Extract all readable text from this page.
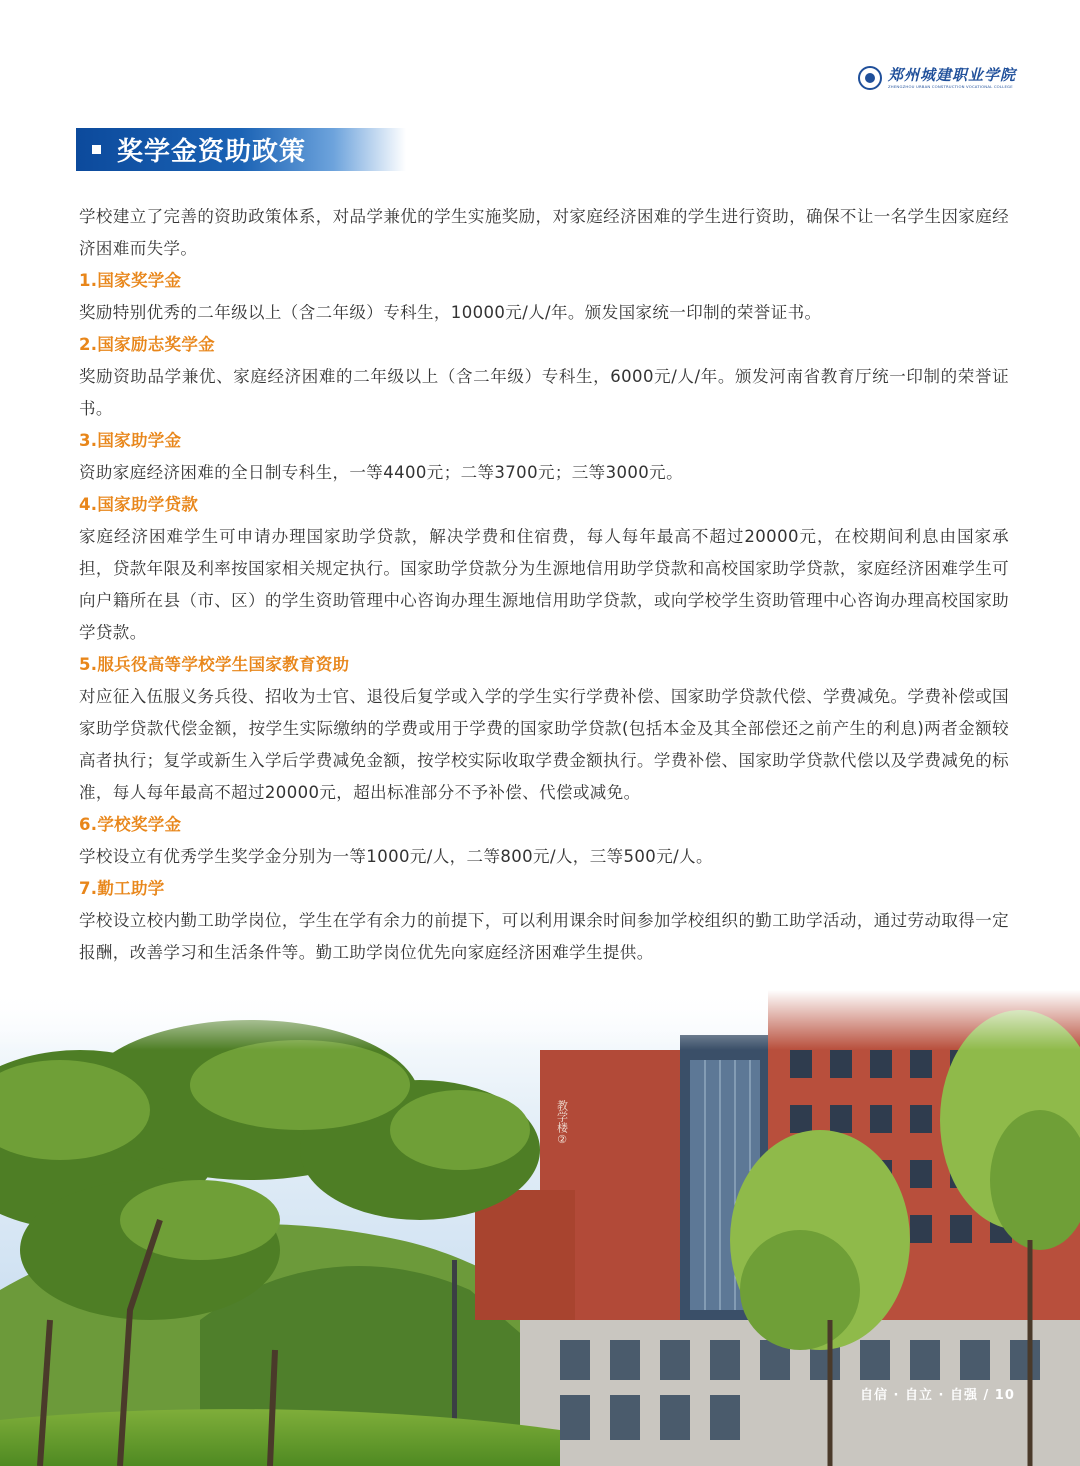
郑州城建职业学院
ZHENGZHOU URBAN CONSTRUCTION VOCATIONAL COLLEGE
奖学金资助政策

学校建立了完善的资助政策体系，对品学兼优的学生实施奖励，对家庭经济困难的学生进行资助，确保不让一名学生因家庭经济困难而失学。

1.国家奖学金

奖励特别优秀的二年级以上（含二年级）专科生，10000元/人/年。颁发国家统一印制的荣誉证书。

2.国家励志奖学金

奖励资助品学兼优、家庭经济困难的二年级以上（含二年级）专科生，6000元/人/年。颁发河南省教育厅统一印制的荣誉证书。

3.国家助学金

资助家庭经济困难的全日制专科生，一等4400元；二等3700元；三等3000元。

4.国家助学贷款

家庭经济困难学生可申请办理国家助学贷款，解决学费和住宿费，每人每年最高不超过20000元，在校期间利息由国家承担，贷款年限及利率按国家相关规定执行。国家助学贷款分为生源地信用助学贷款和高校国家助学贷款，家庭经济困难学生可向户籍所在县（市、区）的学生资助管理中心咨询办理生源地信用助学贷款，或向学校学生资助管理中心咨询办理高校国家助学贷款。

5.服兵役高等学校学生国家教育资助

对应征入伍服义务兵役、招收为士官、退役后复学或入学的学生实行学费补偿、国家助学贷款代偿、学费减免。学费补偿或国家助学贷款代偿金额，按学生实际缴纳的学费或用于学费的国家助学贷款(包括本金及其全部偿还之前产生的利息)两者金额较高者执行；复学或新生入学后学费减免金额，按学校实际收取学费金额执行。学费补偿、国家助学贷款代偿以及学费减免的标准，每人每年最高不超过20000元，超出标准部分不予补偿、代偿或减免。

6.学校奖学金

学校设立有优秀学生奖学金分别为一等1000元/人，二等800元/人，三等500元/人。

7.勤工助学

学校设立校内勤工助学岗位，学生在学有余力的前提下，可以利用课余时间参加学校组织的勤工助学活动，通过劳动取得一定报酬，改善学习和生活条件等。勤工助学岗位优先向家庭经济困难学生提供。

教学楼②
自信 · 自立 · 自强 / 10
